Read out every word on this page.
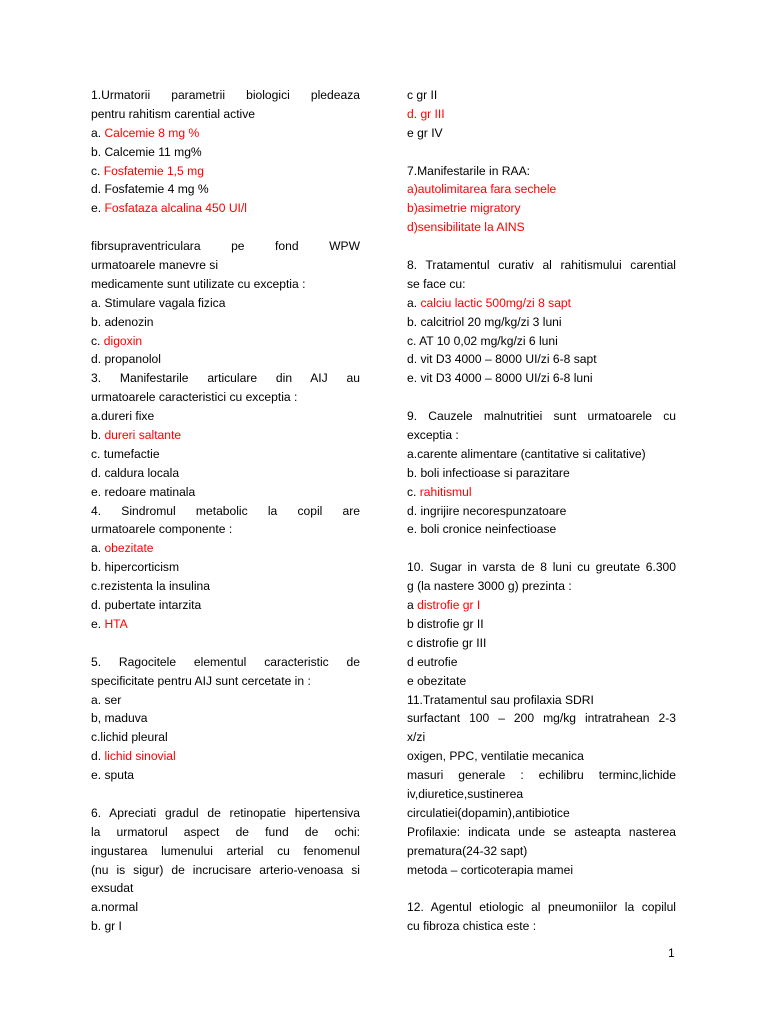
1.Urmatorii parametrii biologici pledeaza
pentru rahitism carential active
a. Calcemie 8 mg %
b. Calcemie 11 mg%
c. Fosfatemie 1,5 mg
d. Fosfatemie 4 mg %
e. Fosfataza alcalina 450 UI/l
fibrsupraventriculara pe fond WPW
urmatoarele manevre si
medicamente sunt utilizate cu exceptia :
a. Stimulare vagala fizica
b. adenozin
c. digoxin
d. propanolol
3. Manifestarile articulare din AIJ au
urmatoarele caracteristici cu exceptia :
a.dureri fixe
b. dureri saltante
c. tumefactie
d. caldura locala
e. redoare matinala
4. Sindromul metabolic la copil are
urmatoarele componente :
a. obezitate
b. hipercorticism
c.rezistenta la insulina
d. pubertate intarzita
e. HTA
5. Ragocitele elementul caracteristic de
specificitate pentru AIJ sunt cercetate in :
a. ser
b, maduva
c.lichid pleural
d. lichid sinovial
e. sputa
6. Apreciati gradul de retinopatie hipertensiva
la urmatorul aspect de fund de ochi:
ingustarea lumenului arterial cu fenomenul
(nu is sigur) de incrucisare arterio-venoasa si
exsudat
a.normal
b. gr I
c gr II
d. gr III
e gr IV
7.Manifestarile in RAA:
a)autolimitarea fara sechele
b)asimetrie migratory
d)sensibilitate la AINS
8. Tratamentul curativ al rahitismului carential
se face cu:
a. calciu lactic 500mg/zi 8 sapt
b. calcitriol 20 mg/kg/zi 3 luni
c. AT 10 0,02 mg/kg/zi 6 luni
d. vit D3 4000 – 8000 UI/zi 6-8 sapt
e. vit D3 4000 – 8000 UI/zi 6-8 luni
9. Cauzele malnutritiei sunt urmatoarele cu
exceptia :
a.carente alimentare (cantitative si calitative)
b. boli infectioase si parazitare
c. rahitismul
d. ingrijire necorespunzatoare
e. boli cronice neinfectioase
10. Sugar in varsta de 8 luni cu greutate 6.300
g (la nastere 3000 g) prezinta :
a distrofie gr I
b distrofie gr II
c distrofie gr III
d eutrofie
e obezitate
11.Tratamentul sau profilaxia SDRI
surfactant 100 – 200 mg/kg intratrahean 2-3
x/zi
oxigen, PPC, ventilatie mecanica
masuri generale : echilibru terminc,lichide
iv,diuretice,sustinerea
circulatiei(dopamin),antibiotice
Profilaxie: indicata unde se asteapta nasterea
prematura(24-32 sapt)
metoda – corticoterapia mamei
12. Agentul etiologic al pneumoniilor la copilul
cu fibroza chistica este :
1
